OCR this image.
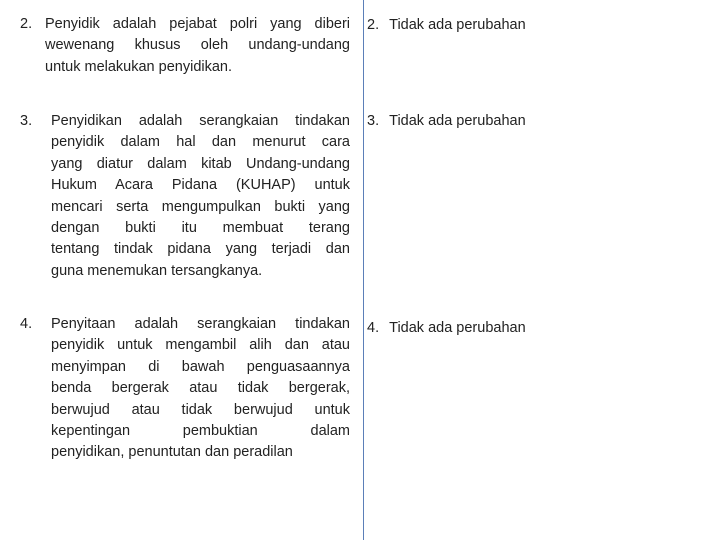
2. Penyidik adalah pejabat polri yang diberi
wewenang khusus oleh undang-undang
untuk melakukan penyidikan.
3. Penyidikan adalah serangkaian tindakan
penyidik dalam hal dan menurut cara
yang diatur dalam kitab Undang-undang
Hukum Acara Pidana (KUHAP) untuk
mencari serta mengumpulkan bukti yang
dengan bukti itu membuat terang
tentang tindak pidana yang terjadi dan
guna menemukan tersangkanya.
4. Penyitaan adalah serangkaian tindakan
penyidik untuk mengambil alih dan atau
menyimpan di bawah penguasaannya
benda bergerak atau tidak bergerak,
berwujud atau tidak berwujud untuk
kepentingan pembuktian dalam
penyidikan, penuntutan dan peradilan
2. Tidak ada perubahan
3. Tidak ada perubahan
4. Tidak ada perubahan
